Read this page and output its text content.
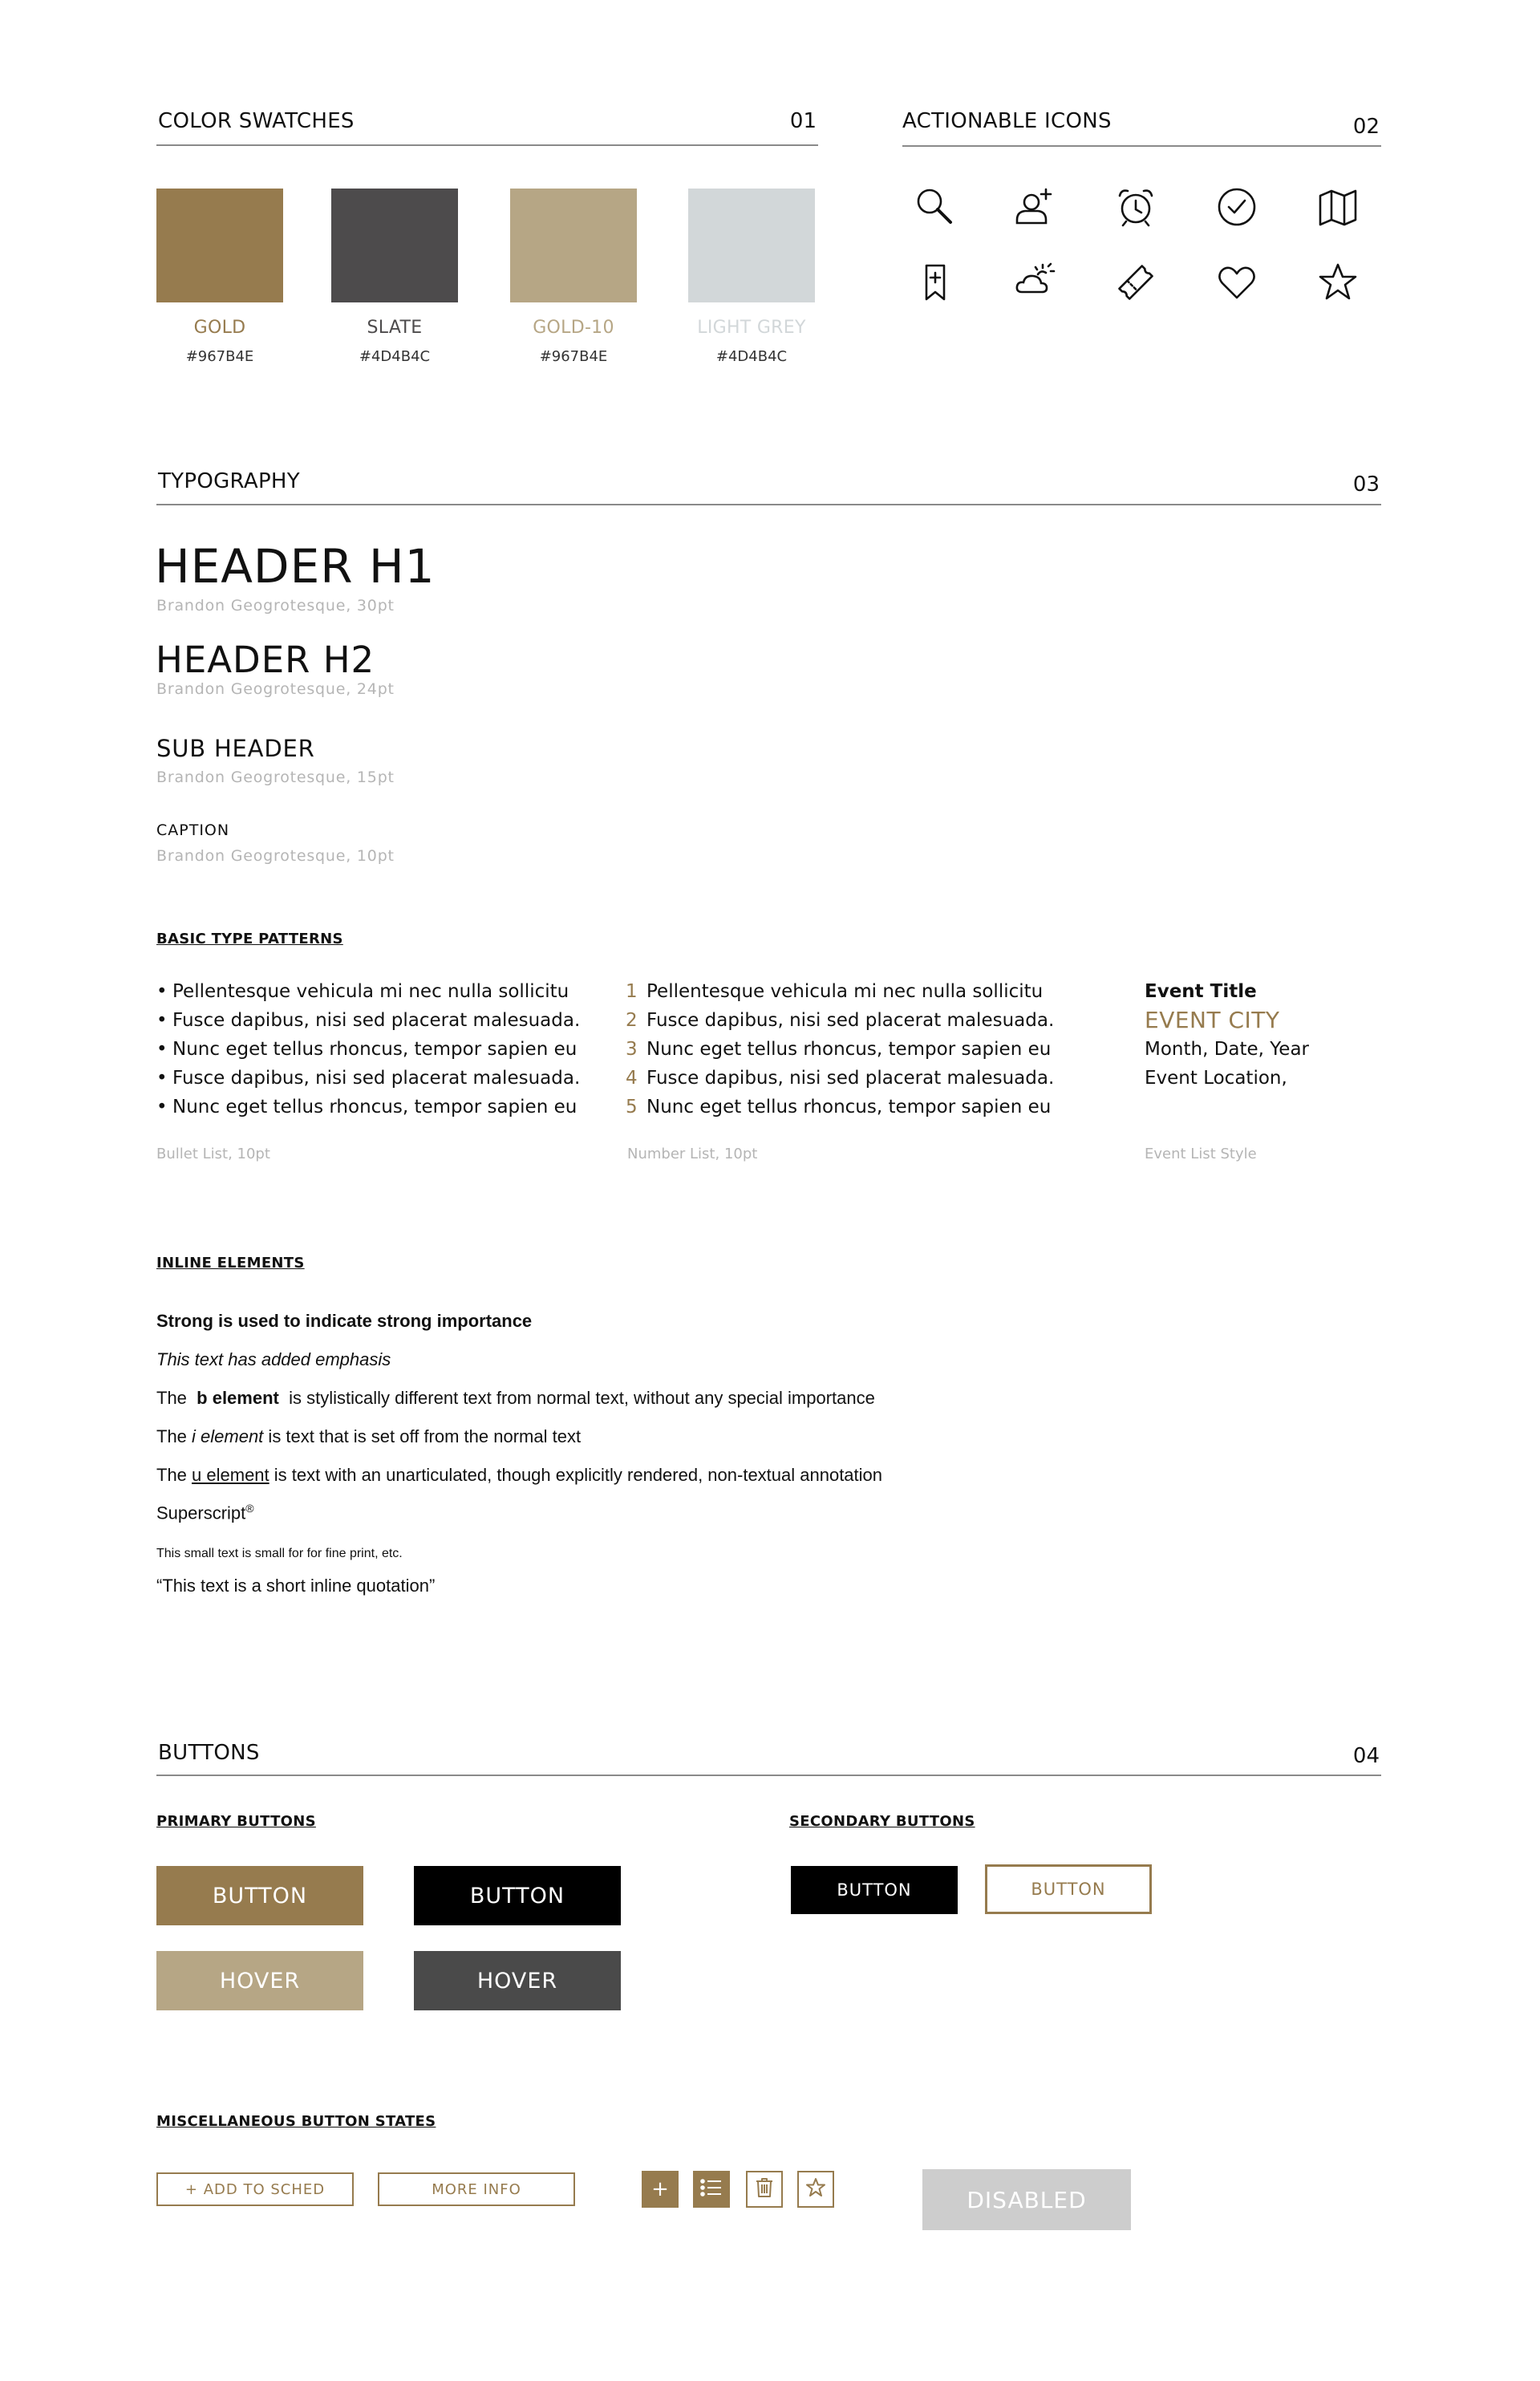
COLOR SWATCHES	01
GOLD
#967B4E
SLATE
#4D4B4C
GOLD-10
#967B4E
LIGHT GREY
#4D4B4C
ACTIONABLE ICONS	02
TYPOGRAPHY	03
HEADER H1
Brandon Geogrotesque, 30pt
HEADER H2
Brandon Geogrotesque, 24pt
SUB HEADER
Brandon Geogrotesque, 15pt
CAPTION
Brandon Geogrotesque, 10pt
BASIC TYPE PATTERNS
• Pellentesque vehicula mi nec nulla sollicitu
• Fusce dapibus, nisi sed placerat malesuada.
• Nunc eget tellus rhoncus, tempor sapien eu
• Fusce dapibus, nisi sed placerat malesuada.
• Nunc eget tellus rhoncus, tempor sapien eu
Bullet List, 10pt
1 Pellentesque vehicula mi nec nulla sollicitu
2 Fusce dapibus, nisi sed placerat malesuada.
3 Nunc eget tellus rhoncus, tempor sapien eu
4 Fusce dapibus, nisi sed placerat malesuada.
5 Nunc eget tellus rhoncus, tempor sapien eu
Number List, 10pt
Event Title
EVENT CITY
Month, Date, Year
Event Location,
Event List Style
INLINE ELEMENTS
Strong is used to indicate strong importance
This text has added emphasis
The  b element  is stylistically different text from normal text, without any special importance
The i element is text that is set off from the normal text
The u element is text with an unarticulated, though explicitly rendered, non-textual annotation
Superscript®
This small text is small for for fine print, etc.
“This text is a short inline quotation”
BUTTONS	04
PRIMARY BUTTONS	SECONDARY BUTTONS
BUTTON	BUTTON
HOVER	HOVER
BUTTON	BUTTON
MISCELLANEOUS BUTTON STATES
+ ADD TO SCHED	MORE INFO	+	DISABLED
